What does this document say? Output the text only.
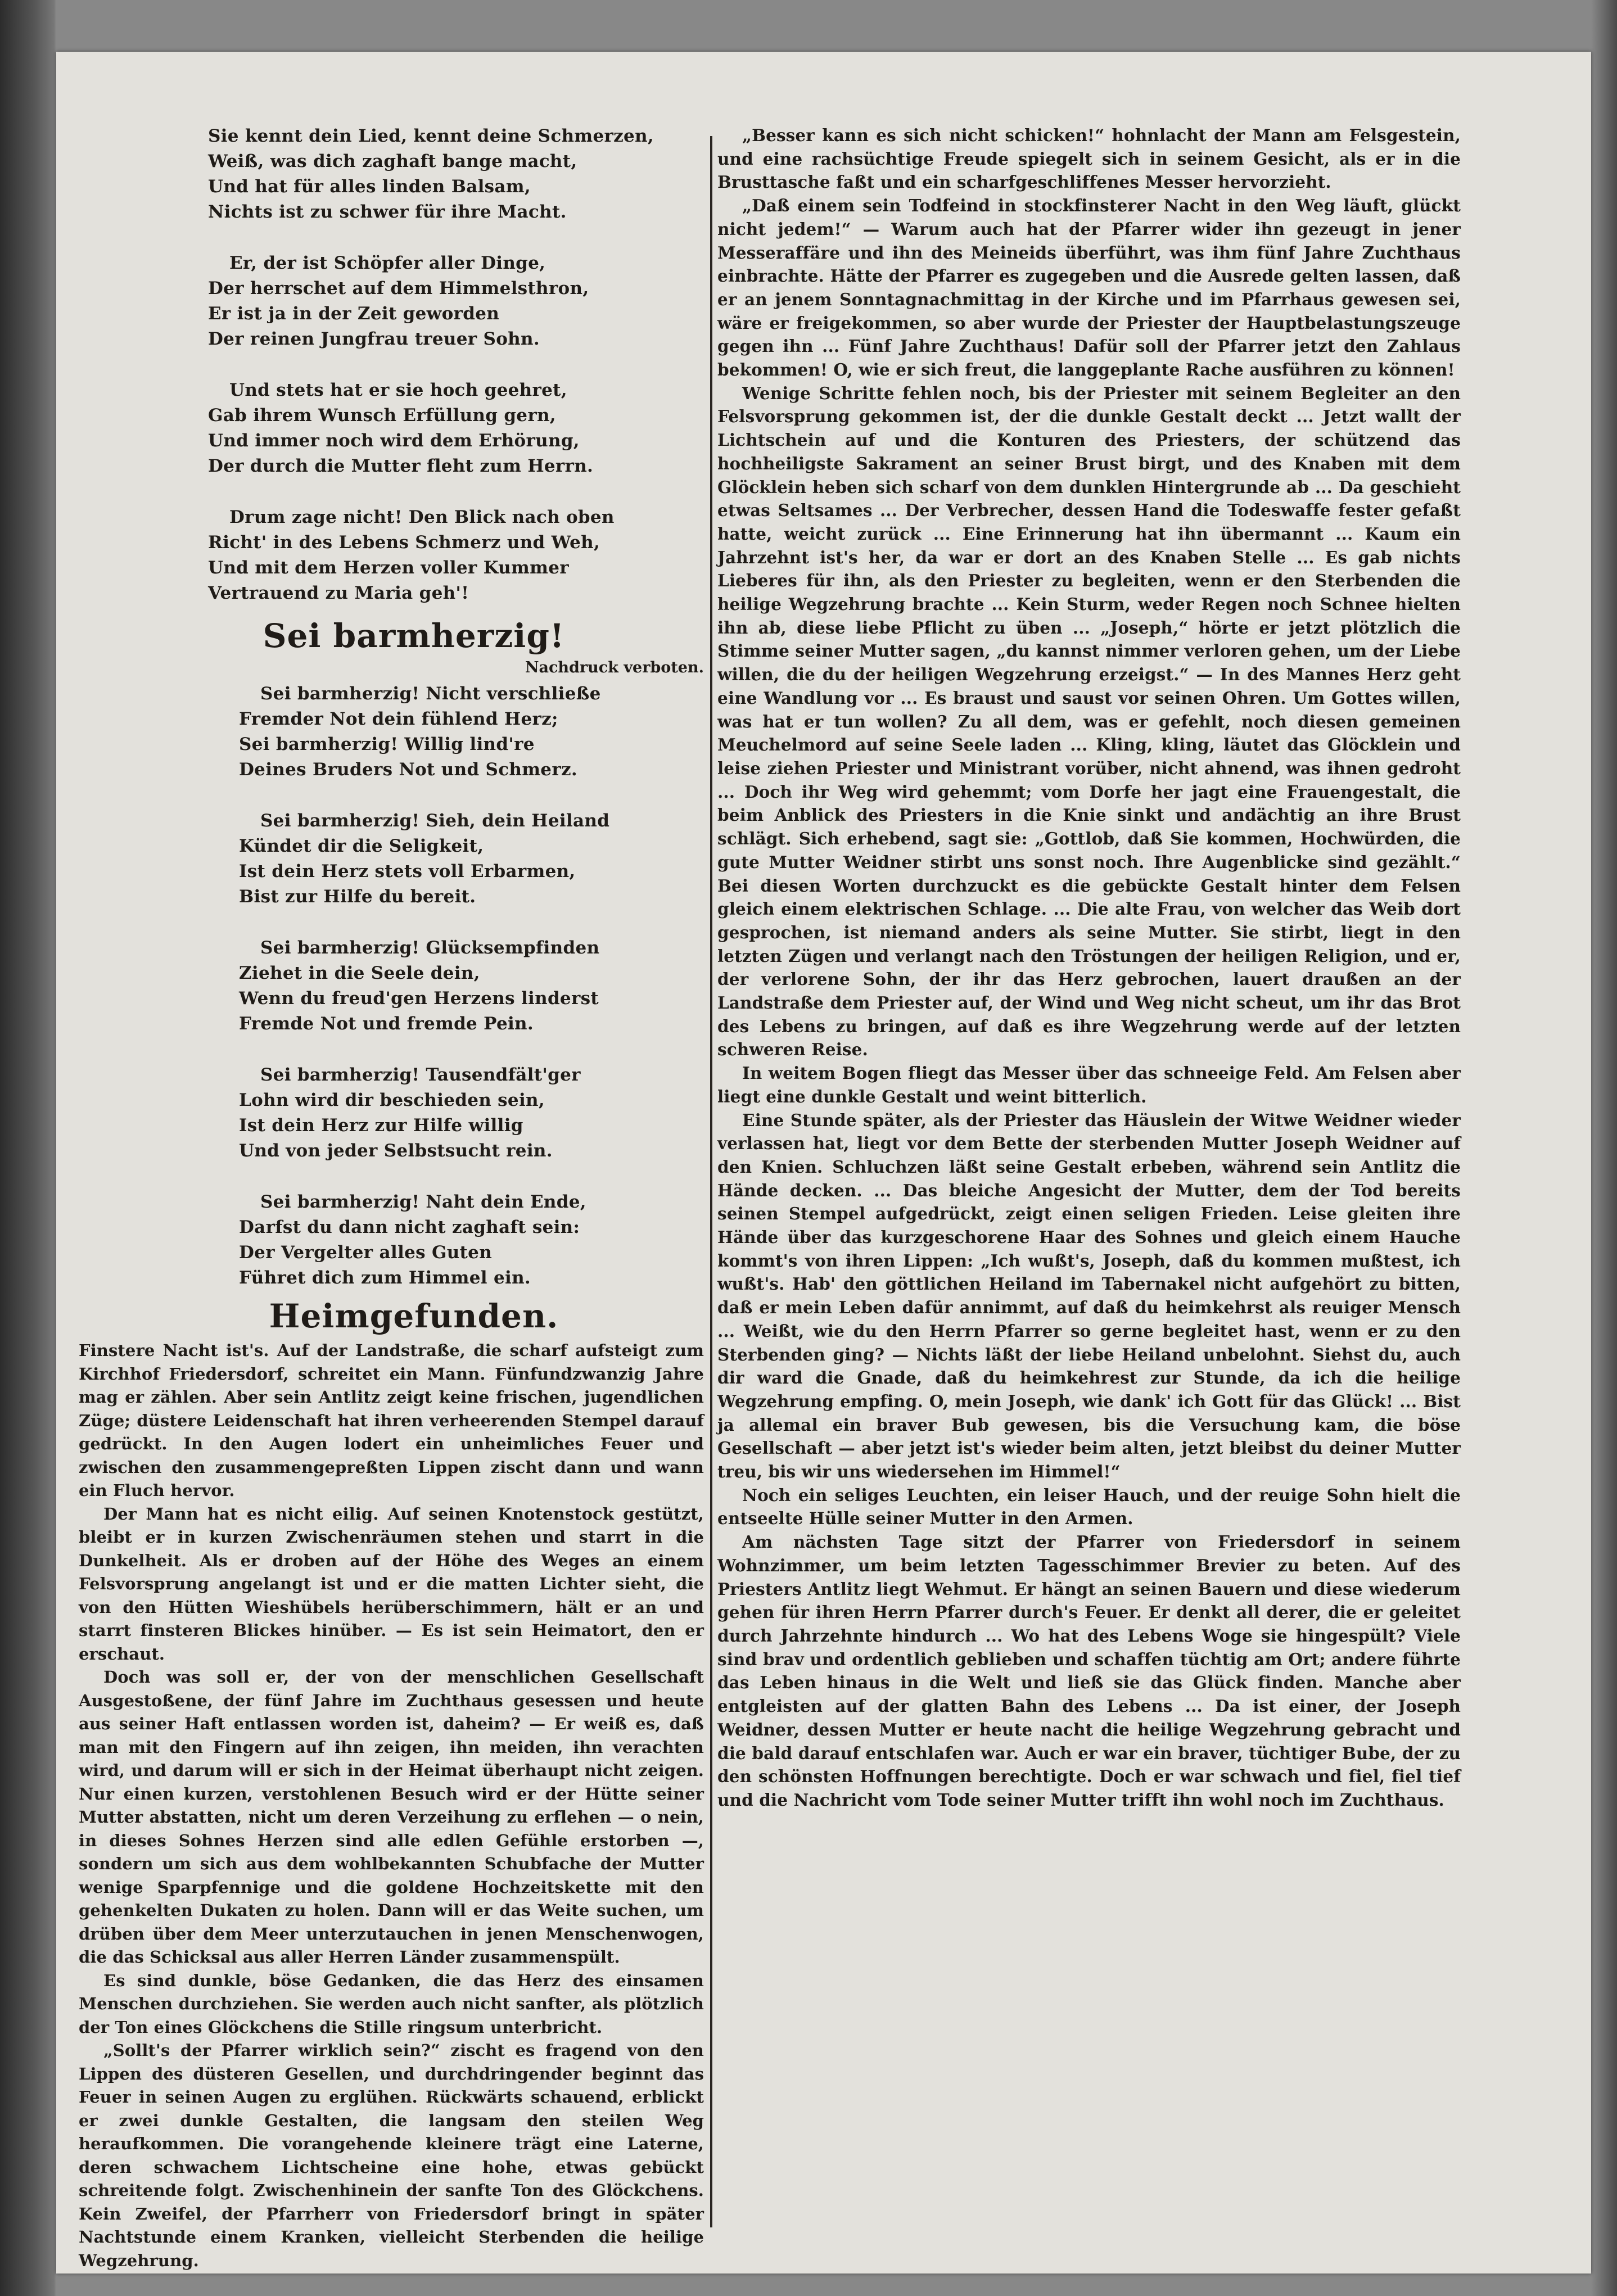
Sie kennt dein Lied, kennt deine Schmerzen,
Weiß, was dich zaghaft bange macht,
Und hat für alles linden Balsam,
Nichts ist zu schwer für ihre Macht.
Er, der ist Schöpfer aller Dinge,
Der herrschet auf dem Himmelsthron,
Er ist ja in der Zeit geworden
Der reinen Jungfrau treuer Sohn.
Und stets hat er sie hoch geehret,
Gab ihrem Wunsch Erfüllung gern,
Und immer noch wird dem Erhörung,
Der durch die Mutter fleht zum Herrn.
Drum zage nicht! Den Blick nach oben
Richt' in des Lebens Schmerz und Weh,
Und mit dem Herzen voller Kummer
Vertrauend zu Maria geh'!
Sei barmherzig!
Nachdruck verboten.
Sei barmherzig! Nicht verschließe
Fremder Not dein fühlend Herz;
Sei barmherzig! Willig lind're
Deines Bruders Not und Schmerz.
Sei barmherzig! Sieh, dein Heiland
Kündet dir die Seligkeit,
Ist dein Herz stets voll Erbarmen,
Bist zur Hilfe du bereit.
Sei barmherzig! Glücksempfinden
Ziehet in die Seele dein,
Wenn du freud'gen Herzens linderst
Fremde Not und fremde Pein.
Sei barmherzig! Tausendfält'ger
Lohn wird dir beschieden sein,
Ist dein Herz zur Hilfe willig
Und von jeder Selbstsucht rein.
Sei barmherzig! Naht dein Ende,
Darfst du dann nicht zaghaft sein:
Der Vergelter alles Guten
Führet dich zum Himmel ein.
Heimgefunden.

Finstere Nacht ist's. Auf der Landstraße, die scharf aufsteigt zum Kirchhof Friedersdorf, schreitet ein Mann. Fünfundzwanzig Jahre mag er zählen. Aber sein Antlitz zeigt keine frischen, jugendlichen Züge; düstere Leidenschaft hat ihren verheerenden Stempel darauf gedrückt. In den Augen lodert ein unheimliches Feuer und zwischen den zusammengepreßten Lippen zischt dann und wann ein Fluch hervor.

Der Mann hat es nicht eilig. Auf seinen Knotenstock gestützt, bleibt er in kurzen Zwischenräumen stehen und starrt in die Dunkelheit. Als er droben auf der Höhe des Weges an einem Felsvorsprung angelangt ist und er die matten Lichter sieht, die von den Hütten Wieshübels herüberschimmern, hält er an und starrt finsteren Blickes hinüber. — Es ist sein Heimatort, den er erschaut.

Doch was soll er, der von der menschlichen Gesellschaft Ausgestoßene, der fünf Jahre im Zuchthaus gesessen und heute aus seiner Haft entlassen worden ist, daheim? — Er weiß es, daß man mit den Fingern auf ihn zeigen, ihn meiden, ihn verachten wird, und darum will er sich in der Heimat überhaupt nicht zeigen. Nur einen kurzen, verstohlenen Besuch wird er der Hütte seiner Mutter abstatten, nicht um deren Verzeihung zu erflehen — o nein, in dieses Sohnes Herzen sind alle edlen Gefühle erstorben —, sondern um sich aus dem wohlbekannten Schubfache der Mutter wenige Sparpfennige und die goldene Hochzeitskette mit den gehenkelten Dukaten zu holen. Dann will er das Weite suchen, um drüben über dem Meer unterzutauchen in jenen Menschenwogen, die das Schicksal aus aller Herren Länder zusammenspült.

Es sind dunkle, böse Gedanken, die das Herz des einsamen Menschen durchziehen. Sie werden auch nicht sanfter, als plötzlich der Ton eines Glöckchens die Stille ringsum unterbricht.

„Sollt's der Pfarrer wirklich sein?“ zischt es fragend von den Lippen des düsteren Gesellen, und durchdringender beginnt das Feuer in seinen Augen zu erglühen. Rückwärts schauend, erblickt er zwei dunkle Gestalten, die langsam den steilen Weg heraufkommen. Die vorangehende kleinere trägt eine Laterne, deren schwachem Lichtscheine eine hohe, etwas gebückt schreitende folgt. Zwischenhinein der sanfte Ton des Glöckchens. Kein Zweifel, der Pfarrherr von Friedersdorf bringt in später Nachtstunde einem Kranken, vielleicht Sterbenden die heilige Wegzehrung.

„Besser kann es sich nicht schicken!“ hohnlacht der Mann am Felsgestein, und eine rachsüchtige Freude spiegelt sich in seinem Gesicht, als er in die Brusttasche faßt und ein scharfgeschliffenes Messer hervorzieht.

„Daß einem sein Todfeind in stockfinsterer Nacht in den Weg läuft, glückt nicht jedem!“ — Warum auch hat der Pfarrer wider ihn gezeugt in jener Messeraffäre und ihn des Meineids überführt, was ihm fünf Jahre Zuchthaus einbrachte. Hätte der Pfarrer es zugegeben und die Ausrede gelten lassen, daß er an jenem Sonntagnachmittag in der Kirche und im Pfarrhaus gewesen sei, wäre er freigekommen, so aber wurde der Priester der Hauptbelastungszeuge gegen ihn ... Fünf Jahre Zuchthaus! Dafür soll der Pfarrer jetzt den Zahlaus bekommen! O, wie er sich freut, die langgeplante Rache ausführen zu können!

Wenige Schritte fehlen noch, bis der Priester mit seinem Begleiter an den Felsvorsprung gekommen ist, der die dunkle Gestalt deckt ... Jetzt wallt der Lichtschein auf und die Konturen des Priesters, der schützend das hochheiligste Sakrament an seiner Brust birgt, und des Knaben mit dem Glöcklein heben sich scharf von dem dunklen Hintergrunde ab ... Da geschieht etwas Seltsames ... Der Verbrecher, dessen Hand die Todeswaffe fester gefaßt hatte, weicht zurück ... Eine Erinnerung hat ihn übermannt ... Kaum ein Jahrzehnt ist's her, da war er dort an des Knaben Stelle ... Es gab nichts Lieberes für ihn, als den Priester zu begleiten, wenn er den Sterbenden die heilige Wegzehrung brachte ... Kein Sturm, weder Regen noch Schnee hielten ihn ab, diese liebe Pflicht zu üben ... „Joseph,“ hörte er jetzt plötzlich die Stimme seiner Mutter sagen, „du kannst nimmer verloren gehen, um der Liebe willen, die du der heiligen Wegzehrung erzeigst.“ — In des Mannes Herz geht eine Wandlung vor ... Es braust und saust vor seinen Ohren. Um Gottes willen, was hat er tun wollen? Zu all dem, was er gefehlt, noch diesen gemeinen Meuchelmord auf seine Seele laden ... Kling, kling, läutet das Glöcklein und leise ziehen Priester und Ministrant vorüber, nicht ahnend, was ihnen gedroht ... Doch ihr Weg wird gehemmt; vom Dorfe her jagt eine Frauengestalt, die beim Anblick des Priesters in die Knie sinkt und andächtig an ihre Brust schlägt. Sich erhebend, sagt sie: „Gottlob, daß Sie kommen, Hochwürden, die gute Mutter Weidner stirbt uns sonst noch. Ihre Augenblicke sind gezählt.“ Bei diesen Worten durchzuckt es die gebückte Gestalt hinter dem Felsen gleich einem elektrischen Schlage. ... Die alte Frau, von welcher das Weib dort gesprochen, ist niemand anders als seine Mutter. Sie stirbt, liegt in den letzten Zügen und verlangt nach den Tröstungen der heiligen Religion, und er, der verlorene Sohn, der ihr das Herz gebrochen, lauert draußen an der Landstraße dem Priester auf, der Wind und Weg nicht scheut, um ihr das Brot des Lebens zu bringen, auf daß es ihre Wegzehrung werde auf der letzten schweren Reise.

In weitem Bogen fliegt das Messer über das schneeige Feld. Am Felsen aber liegt eine dunkle Gestalt und weint bitterlich.

Eine Stunde später, als der Priester das Häuslein der Witwe Weidner wieder verlassen hat, liegt vor dem Bette der sterbenden Mutter Joseph Weidner auf den Knien. Schluchzen läßt seine Gestalt erbeben, während sein Antlitz die Hände decken. ... Das bleiche Angesicht der Mutter, dem der Tod bereits seinen Stempel aufgedrückt, zeigt einen seligen Frieden. Leise gleiten ihre Hände über das kurzgeschorene Haar des Sohnes und gleich einem Hauche kommt's von ihren Lippen: „Ich wußt's, Joseph, daß du kommen mußtest, ich wußt's. Hab' den göttlichen Heiland im Tabernakel nicht aufgehört zu bitten, daß er mein Leben dafür annimmt, auf daß du heimkehrst als reuiger Mensch ... Weißt, wie du den Herrn Pfarrer so gerne begleitet hast, wenn er zu den Sterbenden ging? — Nichts läßt der liebe Heiland unbelohnt. Siehst du, auch dir ward die Gnade, daß du heimkehrest zur Stunde, da ich die heilige Wegzehrung empfing. O, mein Joseph, wie dank' ich Gott für das Glück! ... Bist ja allemal ein braver Bub gewesen, bis die Versuchung kam, die böse Gesellschaft — aber jetzt ist's wieder beim alten, jetzt bleibst du deiner Mutter treu, bis wir uns wiedersehen im Himmel!“

Noch ein seliges Leuchten, ein leiser Hauch, und der reuige Sohn hielt die entseelte Hülle seiner Mutter in den Armen.

Am nächsten Tage sitzt der Pfarrer von Friedersdorf in seinem Wohnzimmer, um beim letzten Tagesschimmer Brevier zu beten. Auf des Priesters Antlitz liegt Wehmut. Er hängt an seinen Bauern und diese wiederum gehen für ihren Herrn Pfarrer durch's Feuer. Er denkt all derer, die er geleitet durch Jahrzehnte hindurch ... Wo hat des Lebens Woge sie hingespült? Viele sind brav und ordentlich geblieben und schaffen tüchtig am Ort; andere führte das Leben hinaus in die Welt und ließ sie das Glück finden. Manche aber entgleisten auf der glatten Bahn des Lebens ... Da ist einer, der Joseph Weidner, dessen Mutter er heute nacht die heilige Wegzehrung gebracht und die bald darauf entschlafen war. Auch er war ein braver, tüchtiger Bube, der zu den schönsten Hoffnungen berechtigte. Doch er war schwach und fiel, fiel tief und die Nachricht vom Tode seiner Mutter trifft ihn wohl noch im Zuchthaus.
